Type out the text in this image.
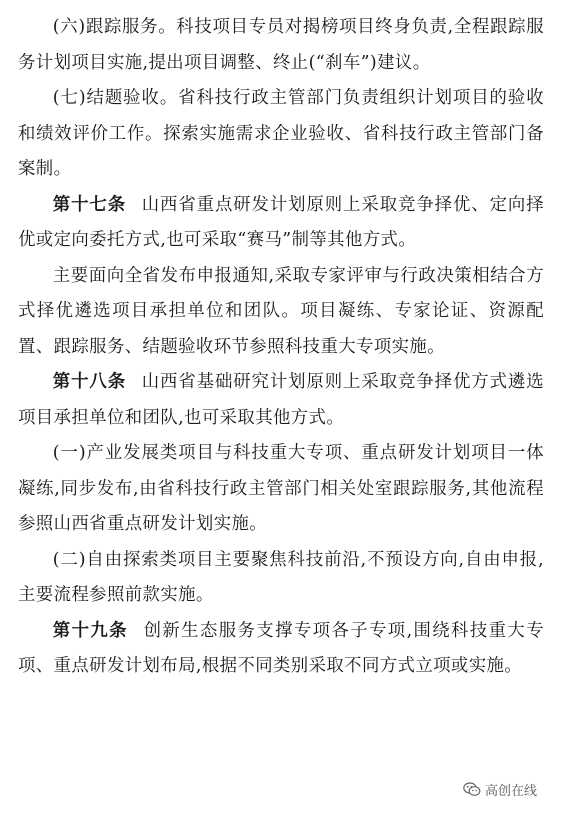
(六)跟踪服务。科技项目专员对揭榜项目终身负责,全程跟踪服务计划项目实施,提出项目调整、终止(“刹车”)建议。

(七)结题验收。省科技行政主管部门负责组织计划项目的验收和绩效评价工作。探索实施需求企业验收、省科技行政主管部门备案制。

第十七条 山西省重点研发计划原则上采取竞争择优、定向择优或定向委托方式,也可采取“赛马”制等其他方式。

主要面向全省发布申报通知,采取专家评审与行政决策相结合方式择优遴选项目承担单位和团队。项目凝练、专家论证、资源配置、跟踪服务、结题验收环节参照科技重大专项实施。

第十八条 山西省基础研究计划原则上采取竞争择优方式遴选项目承担单位和团队,也可采取其他方式。

(一)产业发展类项目与科技重大专项、重点研发计划项目一体凝练,同步发布,由省科技行政主管部门相关处室跟踪服务,其他流程参照山西省重点研发计划实施。

(二)自由探索类项目主要聚焦科技前沿,不预设方向,自由申报,主要流程参照前款实施。

第十九条 创新生态服务支撑专项各子专项,围绕科技重大专项、重点研发计划布局,根据不同类别采取不同方式立项或实施。

高创在线
